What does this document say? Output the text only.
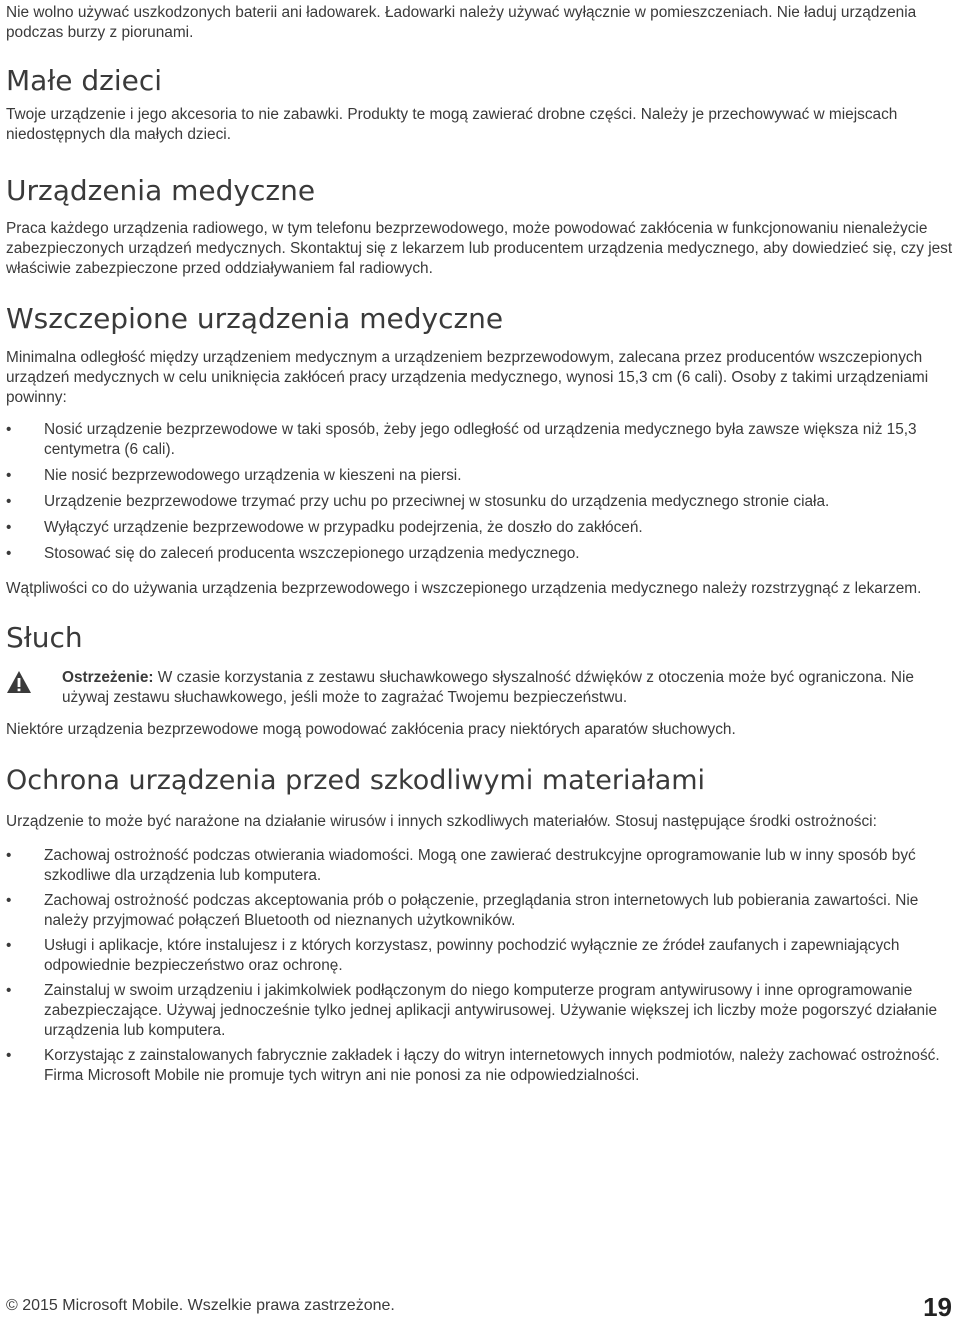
Nie wolno używać uszkodzonych baterii ani ładowarek. Ładowarki należy używać wyłącznie w pomieszczeniach. Nie ładuj urządzenia podczas burzy z piorunami.

Małe dzieci

Twoje urządzenie i jego akcesoria to nie zabawki. Produkty te mogą zawierać drobne części. Należy je przechowywać w miejscach niedostępnych dla małych dzieci.

Urządzenia medyczne

Praca każdego urządzenia radiowego, w tym telefonu bezprzewodowego, może powodować zakłócenia w funkcjonowaniu nienależycie zabezpieczonych urządzeń medycznych. Skontaktuj się z lekarzem lub producentem urządzenia medycznego, aby dowiedzieć się, czy jest właściwie zabezpieczone przed oddziaływaniem fal radiowych.

Wszczepione urządzenia medyczne

Minimalna odległość między urządzeniem medycznym a urządzeniem bezprzewodowym, zalecana przez producentów wszczepionych urządzeń medycznych w celu uniknięcia zakłóceń pracy urządzenia medycznego, wynosi 15,3 cm (6 cali). Osoby z takimi urządzeniami powinny:

• Nosić urządzenie bezprzewodowe w taki sposób, żeby jego odległość od urządzenia medycznego była zawsze większa niż 15,3 centymetra (6 cali).
• Nie nosić bezprzewodowego urządzenia w kieszeni na piersi.
• Urządzenie bezprzewodowe trzymać przy uchu po przeciwnej w stosunku do urządzenia medycznego stronie ciała.
• Wyłączyć urządzenie bezprzewodowe w przypadku podejrzenia, że doszło do zakłóceń.
• Stosować się do zaleceń producenta wszczepionego urządzenia medycznego.

Wątpliwości co do używania urządzenia bezprzewodowego i wszczepionego urządzenia medycznego należy rozstrzygnąć z lekarzem.

Słuch

Ostrzeżenie: W czasie korzystania z zestawu słuchawkowego słyszalność dźwięków z otoczenia może być ograniczona. Nie używaj zestawu słuchawkowego, jeśli może to zagrażać Twojemu bezpieczeństwu.

Niektóre urządzenia bezprzewodowe mogą powodować zakłócenia pracy niektórych aparatów słuchowych.

Ochrona urządzenia przed szkodliwymi materiałami

Urządzenie to może być narażone na działanie wirusów i innych szkodliwych materiałów. Stosuj następujące środki ostrożności:

• Zachowaj ostrożność podczas otwierania wiadomości. Mogą one zawierać destrukcyjne oprogramowanie lub w inny sposób być szkodliwe dla urządzenia lub komputera.
• Zachowaj ostrożność podczas akceptowania prób o połączenie, przeglądania stron internetowych lub pobierania zawartości. Nie należy przyjmować połączeń Bluetooth od nieznanych użytkowników.
• Usługi i aplikacje, które instalujesz i z których korzystasz, powinny pochodzić wyłącznie ze źródeł zaufanych i zapewniających odpowiednie bezpieczeństwo oraz ochronę.
• Zainstaluj w swoim urządzeniu i jakimkolwiek podłączonym do niego komputerze program antywirusowy i inne oprogramowanie zabezpieczające. Używaj jednocześnie tylko jednej aplikacji antywirusowej. Używanie większej ich liczby może pogorszyć działanie urządzenia lub komputera.
• Korzystając z zainstalowanych fabrycznie zakładek i łączy do witryn internetowych innych podmiotów, należy zachować ostrożność. Firma Microsoft Mobile nie promuje tych witryn ani nie ponosi za nie odpowiedzialności.
© 2015 Microsoft Mobile. Wszelkie prawa zastrzeżone.	19
